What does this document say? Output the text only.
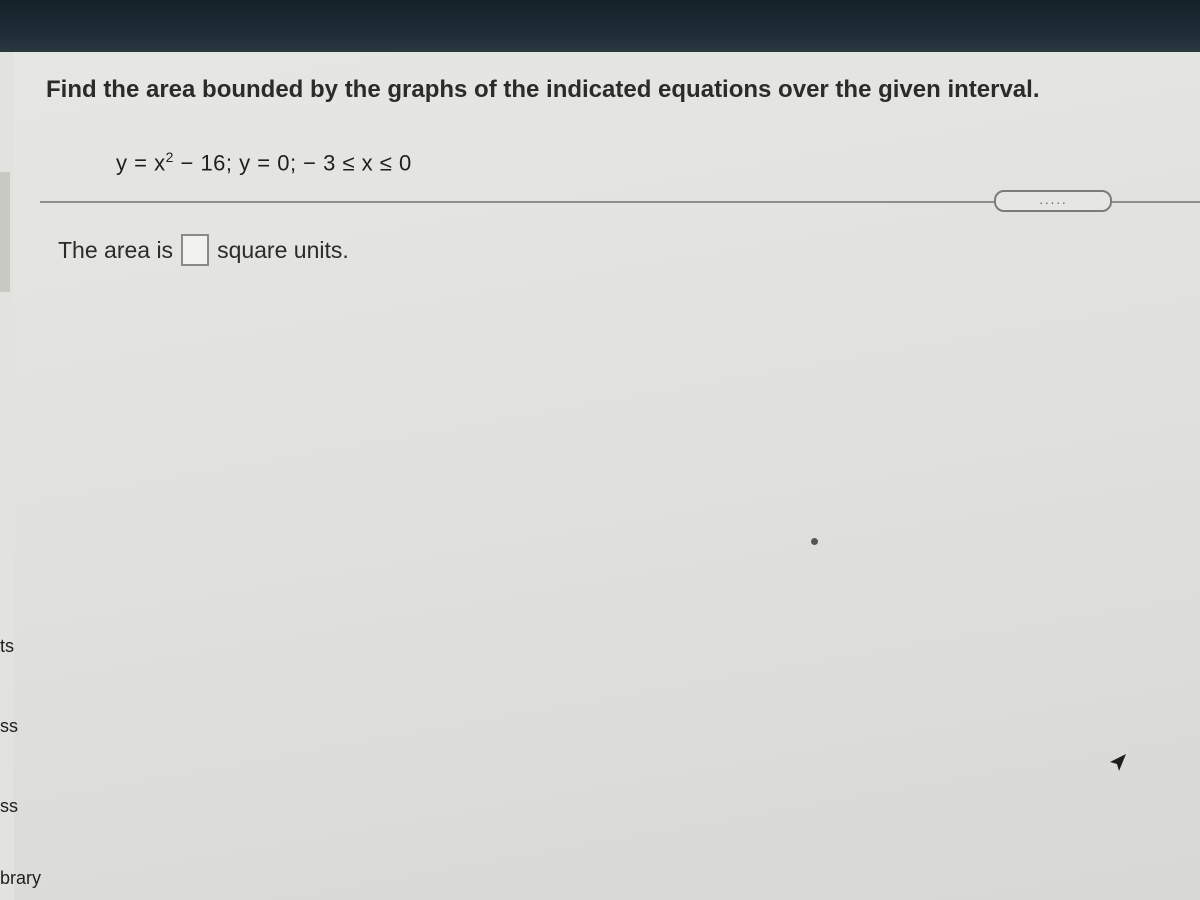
Find the area bounded by the graphs of the indicated equations over the given interval.
$y = x^2 - 16$; y = 0; − 3 ≤ x ≤ 0
·····
The area is square units.
ts
ss
ss
brary
